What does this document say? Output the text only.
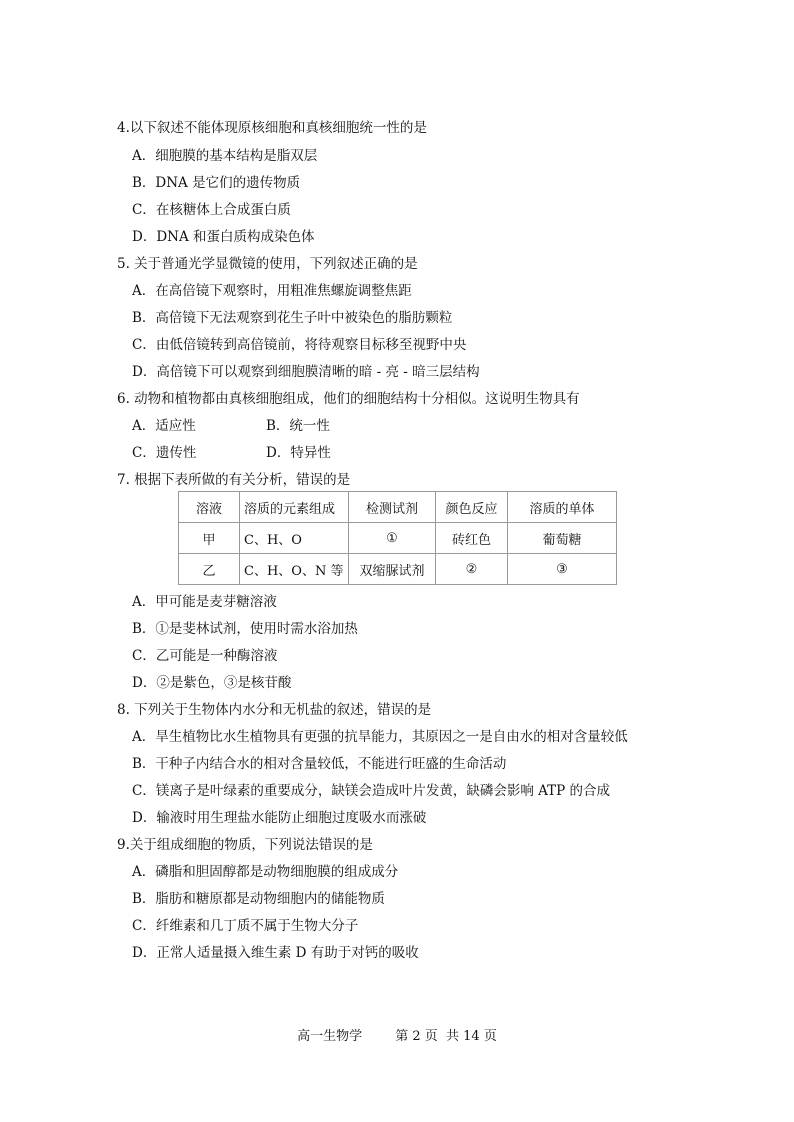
4.以下叙述不能体现原核细胞和真核细胞统一性的是
A．细胞膜的基本结构是脂双层
B．DNA 是它们的遗传物质
C．在核糖体上合成蛋白质
D．DNA 和蛋白质构成染色体
5. 关于普通光学显微镜的使用，下列叙述正确的是
A．在高倍镜下观察时，用粗准焦螺旋调整焦距
B．高倍镜下无法观察到花生子叶中被染色的脂肪颗粒
C．由低倍镜转到高倍镜前，将待观察目标移至视野中央
D．高倍镜下可以观察到细胞膜清晰的暗 - 亮 - 暗三层结构
6. 动物和植物都由真核细胞组成，他们的细胞结构十分相似。这说明生物具有
A．适应性	B．统一性
C．遗传性	D．特异性
7. 根据下表所做的有关分析，错误的是
溶液	溶质的元素组成	检测试剂	颜色反应	溶质的单体
甲	C、H、O	①	砖红色	葡萄糖
乙	C、H、O、N 等	双缩脲试剂	②	③
A．甲可能是麦芽糖溶液
B．①是斐林试剂，使用时需水浴加热
C．乙可能是一种酶溶液
D．②是紫色，③是核苷酸
8. 下列关于生物体内水分和无机盐的叙述，错误的是
A．旱生植物比水生植物具有更强的抗旱能力，其原因之一是自由水的相对含量较低
B．干种子内结合水的相对含量较低，不能进行旺盛的生命活动
C．镁离子是叶绿素的重要成分，缺镁会造成叶片发黄，缺磷会影响 ATP 的合成
D．输液时用生理盐水能防止细胞过度吸水而涨破
9.关于组成细胞的物质，下列说法错误的是
A．磷脂和胆固醇都是动物细胞膜的组成成分
B．脂肪和糖原都是动物细胞内的储能物质
C．纤维素和几丁质不属于生物大分子
D．正常人适量摄入维生素 D 有助于对钙的吸收
高一生物学	第 2 页 共 14 页
